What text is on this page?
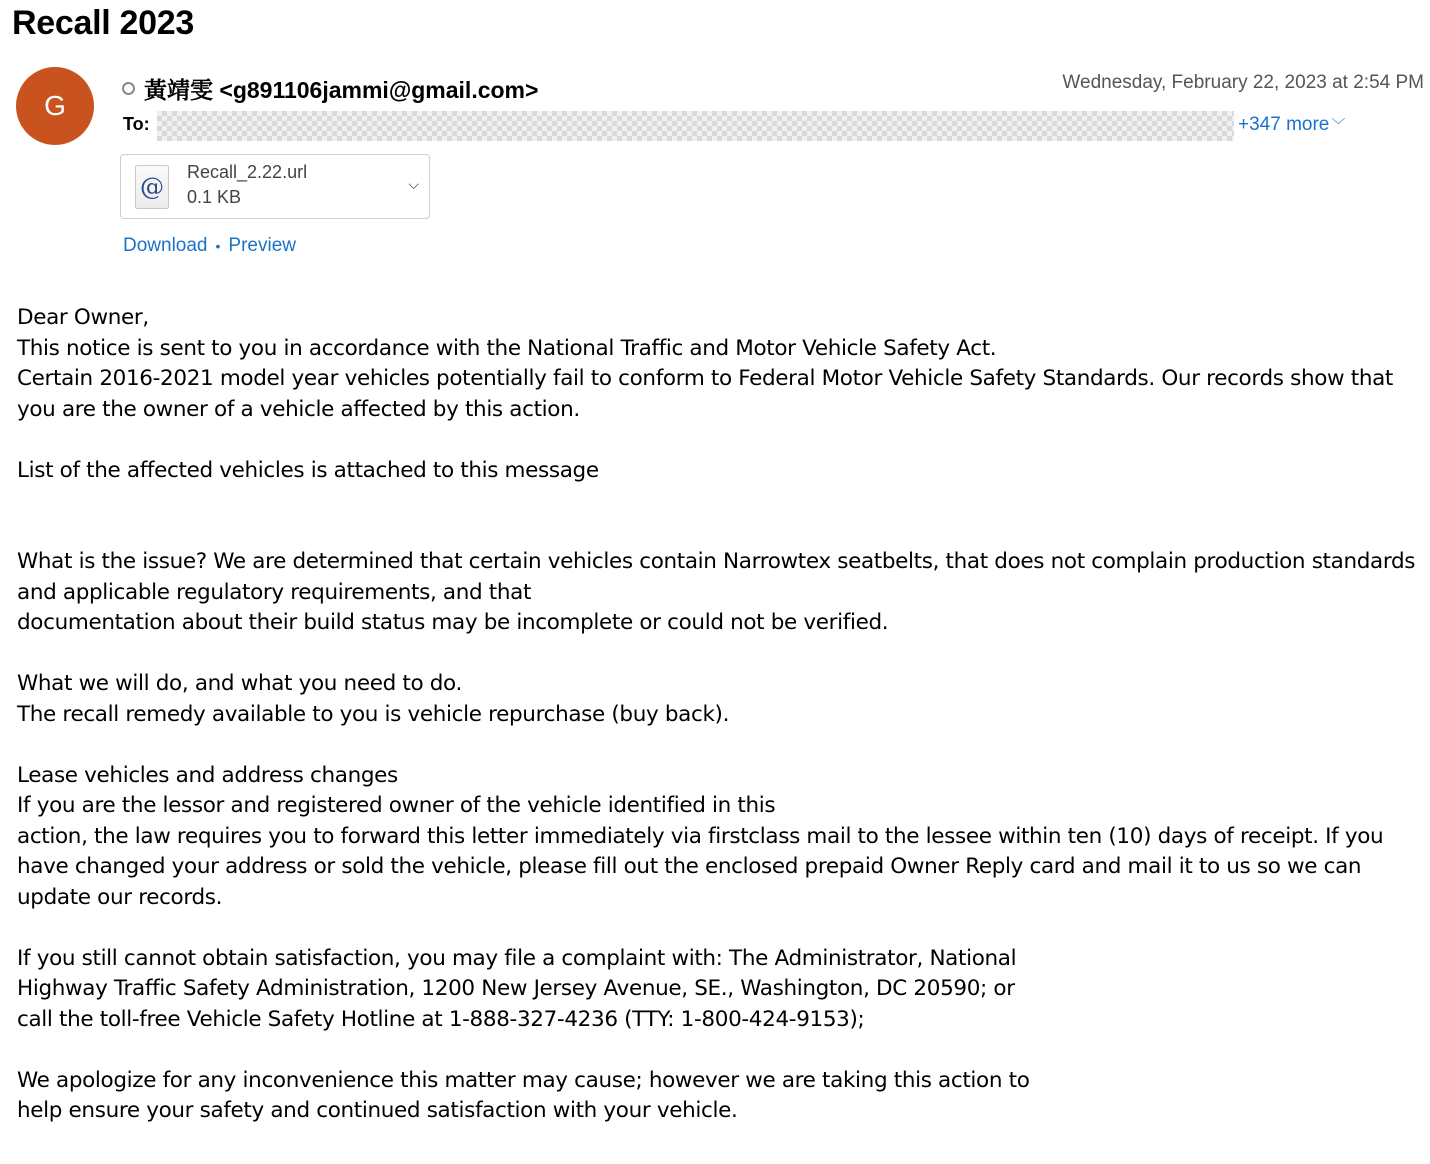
Recall 2023
G	黃靖雯 <g891106jammi@gmail.com>	Wednesday, February 22, 2023 at 2:54 PM
To:	+347 more ﹀
@
Recall_2.22.url
0.1 KB
⌵
Download • Preview

Dear Owner,

This notice is sent to you in accordance with the National Traffic and Motor Vehicle Safety Act.

Certain 2016-2021 model year vehicles potentially fail to conform to Federal Motor Vehicle Safety Standards. Our records show that you are the owner of a vehicle affected by this action.

List of the affected vehicles is attached to this message

What is the issue? We are determined that certain vehicles contain Narrowtex seatbelts, that does not complain production standards and applicable regulatory requirements, and that

documentation about their build status may be incomplete or could not be verified.

What we will do, and what you need to do.

The recall remedy available to you is vehicle repurchase (buy back).

Lease vehicles and address changes

If you are the lessor and registered owner of the vehicle identified in this

action, the law requires you to forward this letter immediately via firstclass mail to the lessee within ten (10) days of receipt. If you have changed your address or sold the vehicle, please fill out the enclosed prepaid Owner Reply card and mail it to us so we can update our records.

If you still cannot obtain satisfaction, you may file a complaint with: The Administrator, National

Highway Traffic Safety Administration, 1200 New Jersey Avenue, SE., Washington, DC 20590; or

call the toll-free Vehicle Safety Hotline at 1-888-327-4236 (TTY: 1-800-424-9153);

We apologize for any inconvenience this matter may cause; however we are taking this action to

help ensure your safety and continued satisfaction with your vehicle.
